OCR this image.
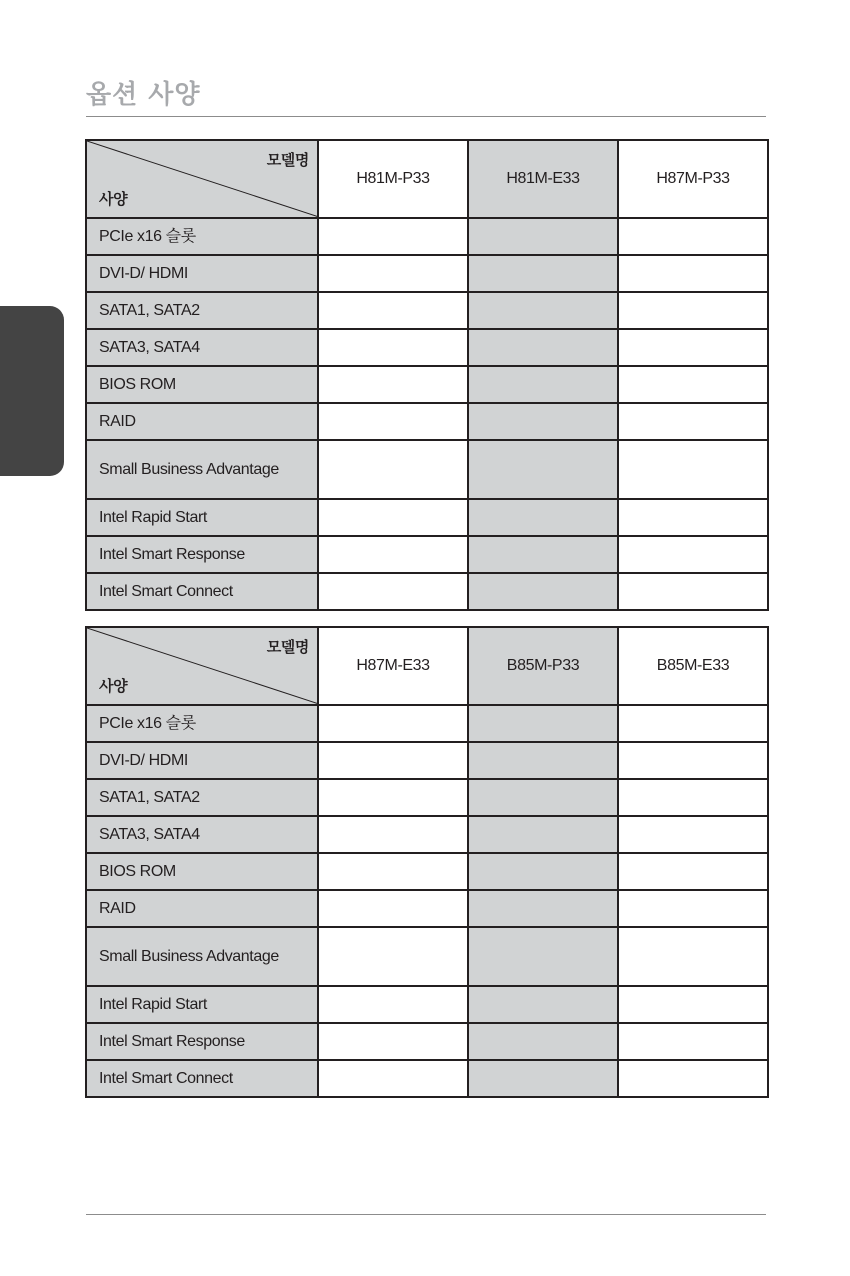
옵션 사양
모델명
사양	H81M-P33	H81M-E33	H87M-P33
PCIe x16 슬롯			
DVI-D/ HDMI			
SATA1, SATA2			
SATA3, SATA4			
BIOS ROM			
RAID			
Small Business Advantage			
Intel Rapid Start			
Intel Smart Response			
Intel Smart Connect			
모델명
사양	H87M-E33	B85M-P33	B85M-E33
PCIe x16 슬롯			
DVI-D/ HDMI			
SATA1, SATA2			
SATA3, SATA4			
BIOS ROM			
RAID			
Small Business Advantage			
Intel Rapid Start			
Intel Smart Response			
Intel Smart Connect			
